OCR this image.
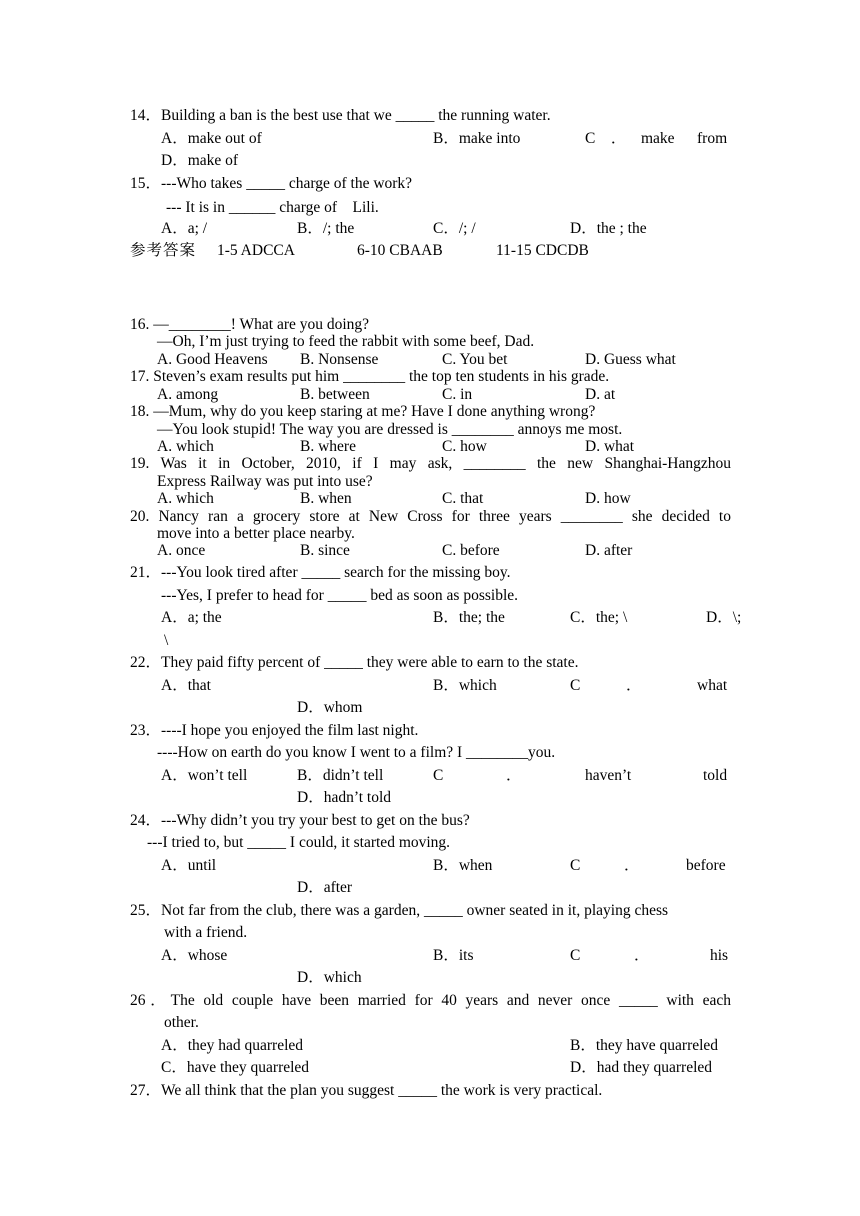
14．Building a ban is the best use that we _____ the running water.
A．make out of	B．make into	C　． make from
D．make of
15．---Who takes _____ charge of the work?
--- It is in ______ charge of　Lili.
A．a; /	B．/; the	C．/; /	D．the ; the
参考答案 1-5 ADCCA	6-10 CBAAB	11-15 CDCDB
16. —________! What are you doing?
—Oh, I’m just trying to feed the rabbit with some beef, Dad.
A. Good Heavens B. Nonsense	C. You bet	D. Guess what
17. Steven’s exam results put him ________ the top ten students in his grade.
A. among	B. between	C. in	D. at
18. —Mum, why do you keep staring at me? Have I done anything wrong?
—You look stupid! The way you are dressed is ________ annoys me most.
A. which	B. where	C. how	D. what
19. Was it in October, 2010, if I may ask, ________ the new Shanghai-Hangzhou
Express Railway was put into use?
A. which	B. when	C. that	D. how
20. Nancy ran a grocery store at New Cross for three years ________ she decided to
move into a better place nearby.
A. once	B. since	C. before	D. after
21．---You look tired after _____ search for the missing boy.
---Yes, I prefer to head for _____ bed as soon as possible.
A．a; the	B．the; the	C．the; \	D．\;
\
22．They paid fifty percent of _____ they were able to earn to the state.
A．that	B．which	C	．	what
D．whom
23．----I hope you enjoyed the film last night.
----How on earth do you know I went to a film? I ________you.
A．won’t tell	B．didn’t tell	C	．	haven’t	told
D．hadn’t told
24．---Why didn’t you try your best to get on the bus?
---I tried to, but _____ I could, it started moving.
A．until	B．when	C	．	before
D．after
25．Not far from the club, there was a garden, _____ owner seated in it, playing chess
with a friend.
A．whose	B．its	C	．	his
D．which
26．The old couple have been married for 40 years and never once _____ with each
other.
A．they had quarreled	B．they have quarreled
C．have they quarreled	D．had they quarreled
27．We all think that the plan you suggest _____ the work is very practical.
